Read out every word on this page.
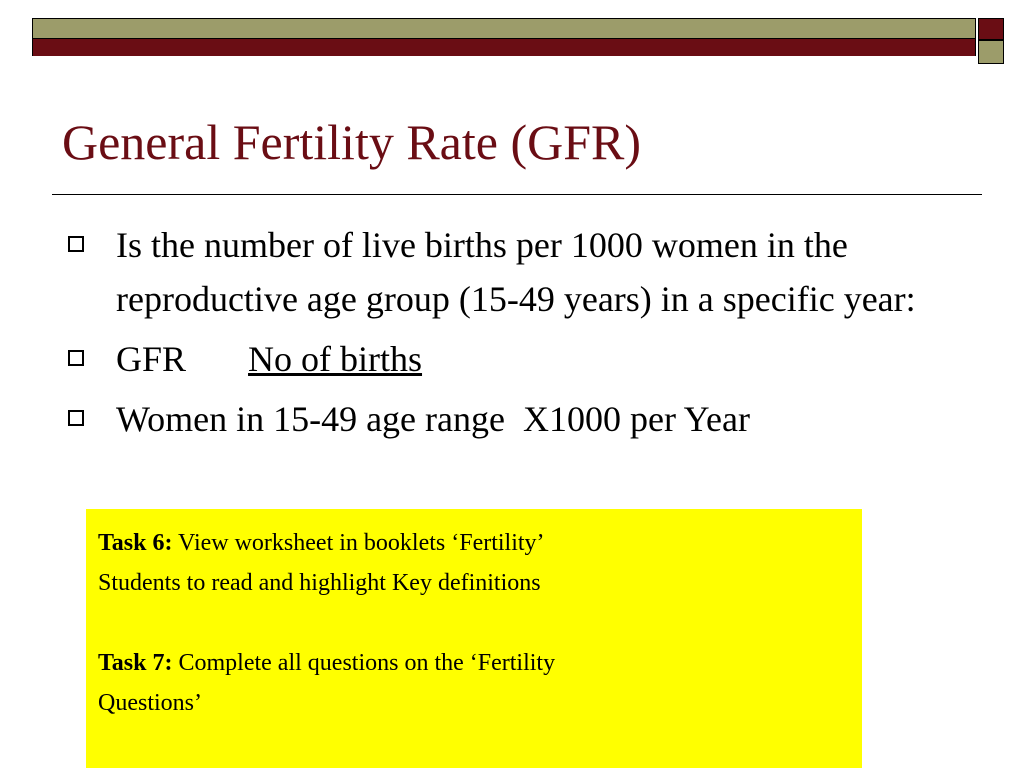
General Fertility Rate (GFR)
Is the number of live births per 1000 women in the reproductive age group (15-49 years) in a specific year:
GFR No of births
Women in 15-49 age range  X1000 per Year

Task 6: View worksheet in booklets ‘Fertility’

Students to read and highlight Key definitions

Task 7: Complete all questions on the ‘Fertility

Questions’
